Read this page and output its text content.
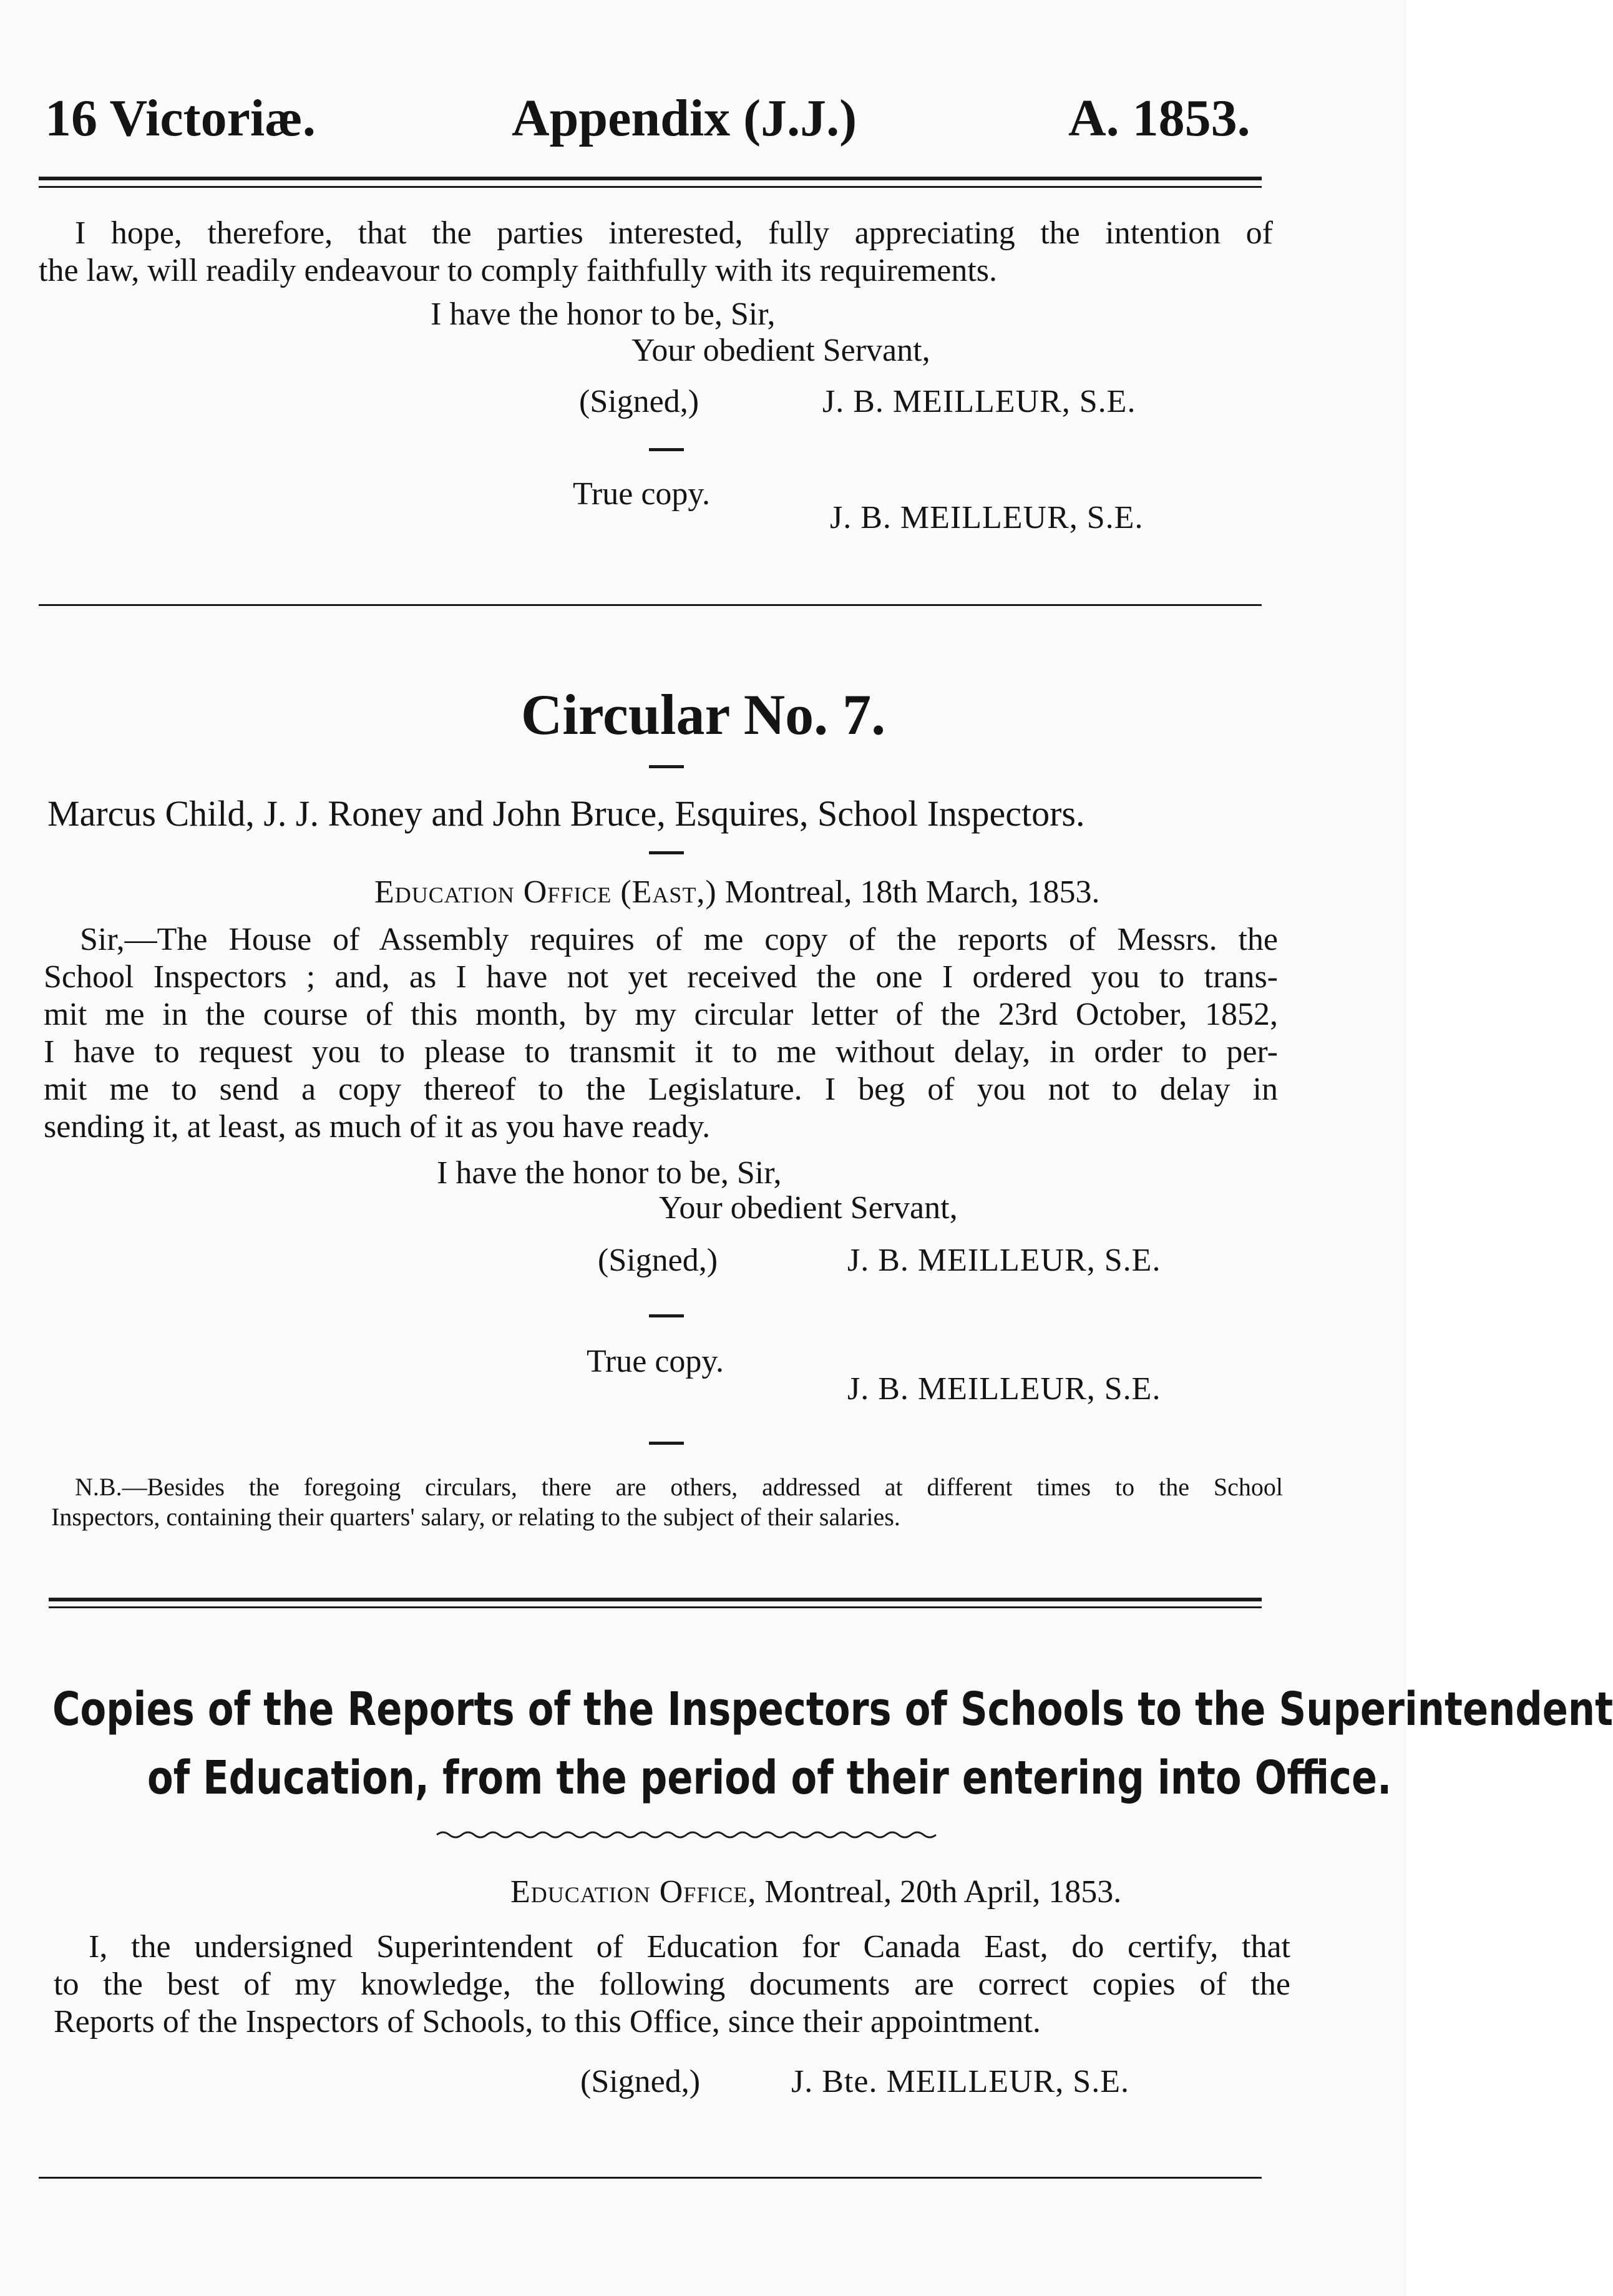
16 Victoriæ.	Appendix (J.J.)	A. 1853.
I hope, therefore, that the parties interested, fully appreciating the intention of
the law, will readily endeavour to comply faithfully with its requirements.
I have the honor to be, Sir,
Your obedient Servant,
(Signed,)	J. B. MEILLEUR, S.E.
True copy.
J. B. MEILLEUR, S.E.
Circular No. 7.
Marcus Child, J. J. Roney and John Bruce, Esquires, School Inspectors.
Education Office (East,) Montreal, 18th March, 1853.
Sir,—The House of Assembly requires of me copy of the reports of Messrs. the
School Inspectors ; and, as I have not yet received the one I ordered you to trans-
mit me in the course of this month, by my circular letter of the 23rd October, 1852,
I have to request you to please to transmit it to me without delay, in order to per-
mit me to send a copy thereof to the Legislature. I beg of you not to delay in
sending it, at least, as much of it as you have ready.
I have the honor to be, Sir,
Your obedient Servant,
(Signed,)	J. B. MEILLEUR, S.E.
True copy.
J. B. MEILLEUR, S.E.
N.B.—Besides the foregoing circulars, there are others, addressed at different times to the School
Inspectors, containing their quarters' salary, or relating to the subject of their salaries.
Copies of the Reports of the Inspectors of Schools to the Superintendent
of Education, from the period of their entering into Office.
Education Office, Montreal, 20th April, 1853.
I, the undersigned Superintendent of Education for Canada East, do certify, that
to the best of my knowledge, the following documents are correct copies of the
Reports of the Inspectors of Schools, to this Office, since their appointment.
(Signed,)	J. Bte. MEILLEUR, S.E.
